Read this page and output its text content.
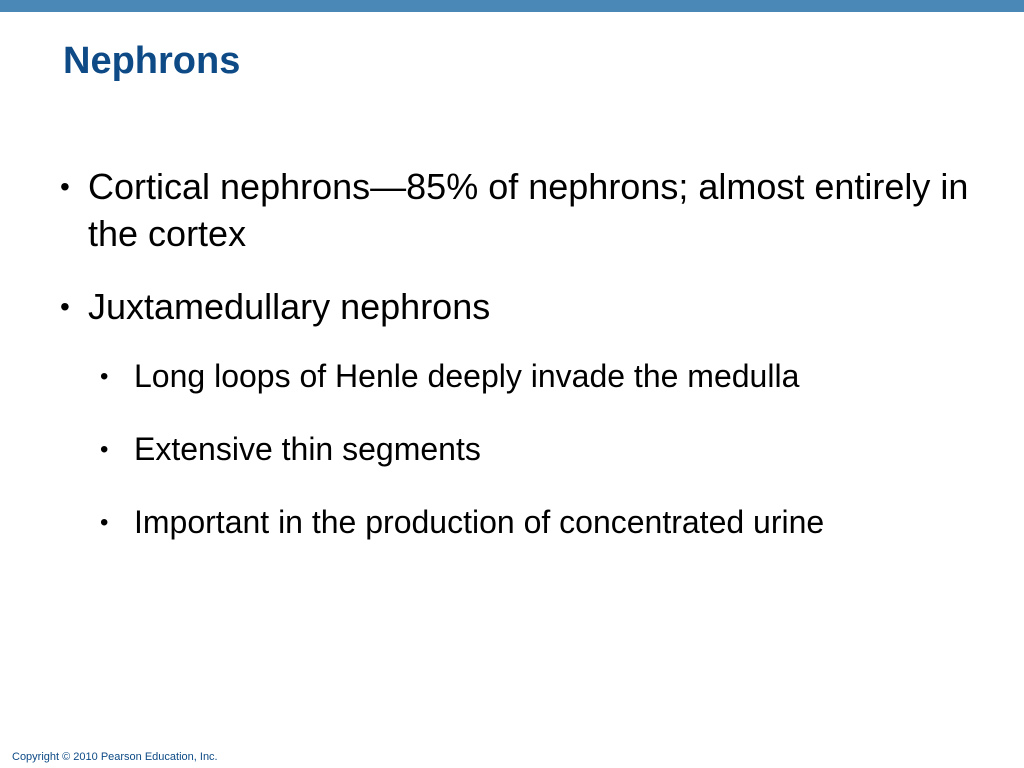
Nephrons
• Cortical nephrons—85% of nephrons; almost entirely in the cortex
• Juxtamedullary nephrons
• Long loops of Henle deeply invade the medulla
• Extensive thin segments
• Important in the production of concentrated urine
Copyright © 2010 Pearson Education, Inc.
